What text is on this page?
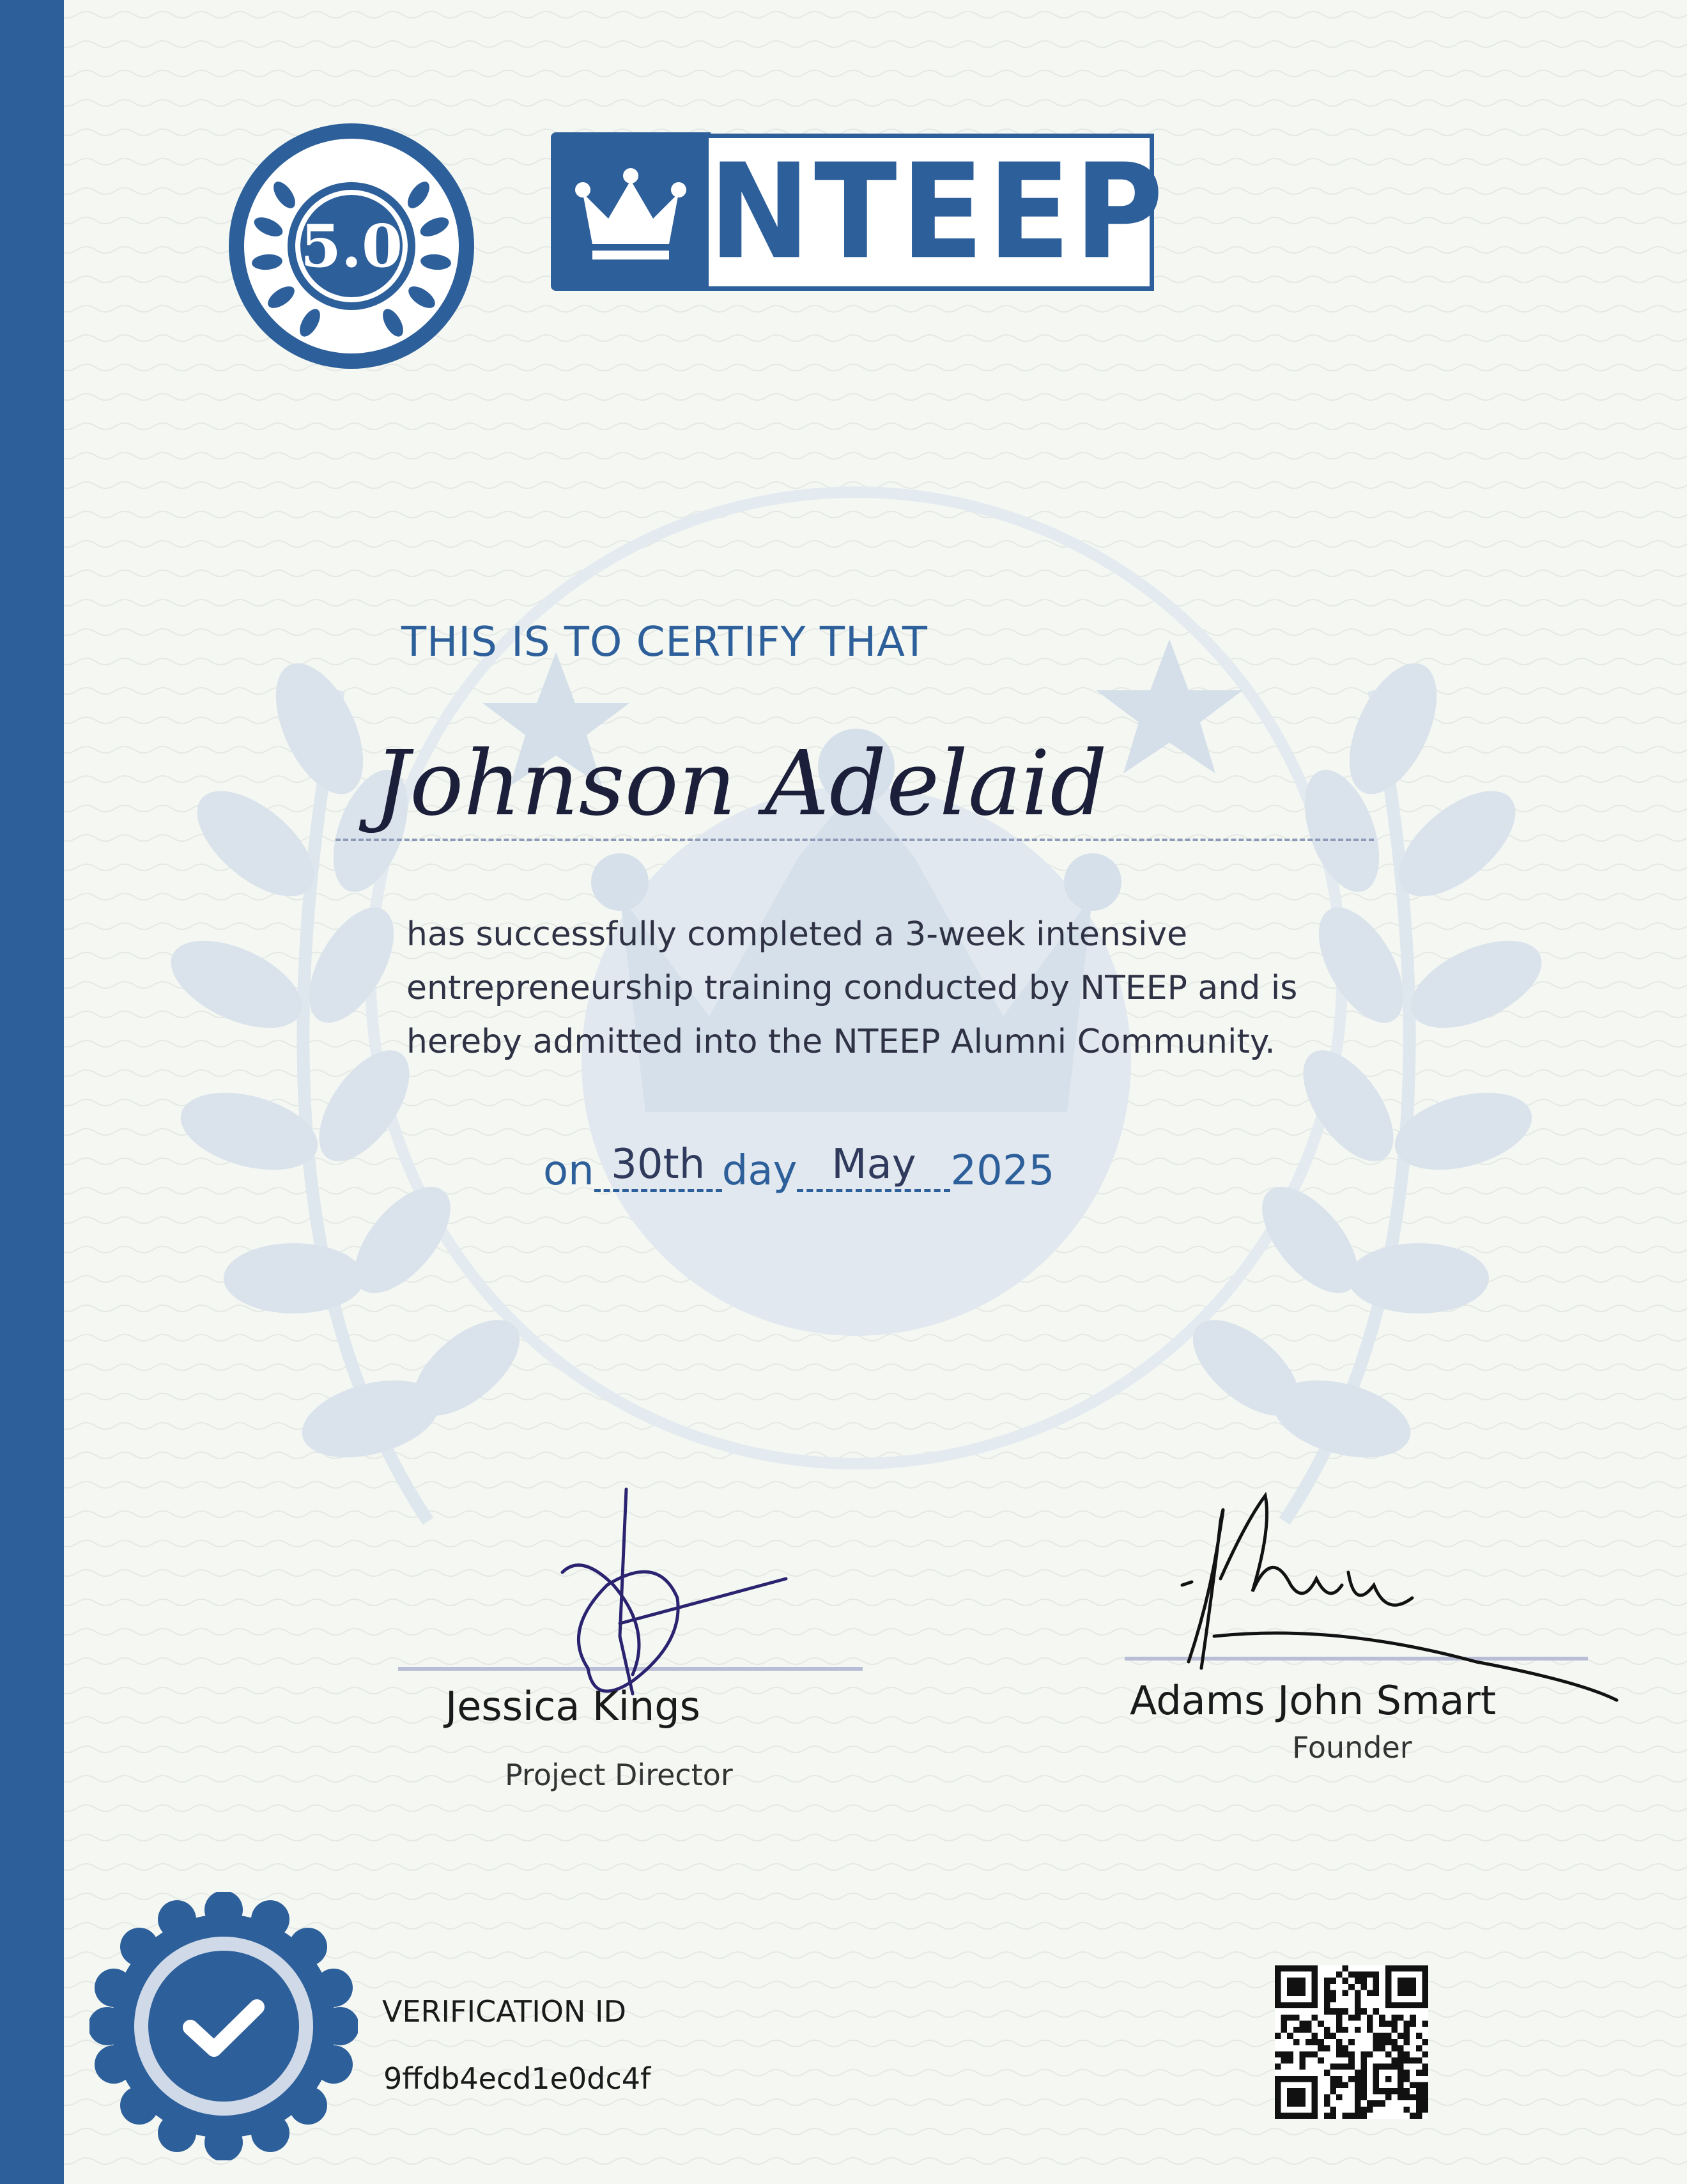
5.0	NTEEP
THIS IS TO CERTIFY THAT
Johnson Adelaid
has successfully completed a 3-week intensive entrepreneurship training conducted by NTEEP and is hereby admitted into the NTEEP Alumni Community.
on 30th day May 2025
Jessica Kings
Project Director
Adams John Smart
Founder
VERIFICATION ID
9ffdb4ecd1e0dc4f
